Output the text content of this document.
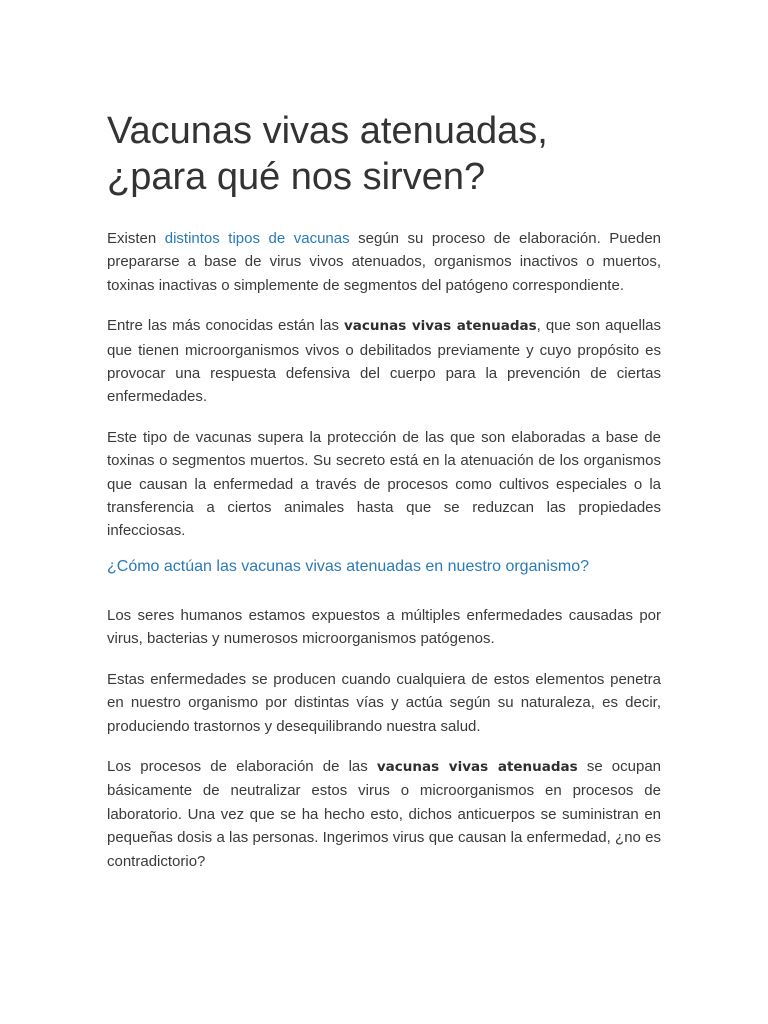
Vacunas vivas atenuadas,
¿para qué nos sirven?

Existen distintos tipos de vacunas según su proceso de elaboración. Pueden prepararse a base de virus vivos atenuados, organismos inactivos o muertos, toxinas inactivas o simplemente de segmentos del patógeno correspondiente.

Entre las más conocidas están las vacunas vivas atenuadas, que son aquellas que tienen microorganismos vivos o debilitados previamente y cuyo propósito es provocar una respuesta defensiva del cuerpo para la prevención de ciertas enfermedades.

Este tipo de vacunas supera la protección de las que son elaboradas a base de toxinas o segmentos muertos. Su secreto está en la atenuación de los organismos que causan la enfermedad a través de procesos como cultivos especiales o la transferencia a ciertos animales hasta que se reduzcan las propiedades infecciosas.

¿Cómo actúan las vacunas vivas atenuadas en nuestro organismo?

Los seres humanos estamos expuestos a múltiples enfermedades causadas por virus, bacterias y numerosos microorganismos patógenos.

Estas enfermedades se producen cuando cualquiera de estos elementos penetra en nuestro organismo por distintas vías y actúa según su naturaleza, es decir, produciendo trastornos y desequilibrando nuestra salud.

Los procesos de elaboración de las vacunas vivas atenuadas se ocupan básicamente de neutralizar estos virus o microorganismos en procesos de laboratorio. Una vez que se ha hecho esto, dichos anticuerpos se suministran en pequeñas dosis a las personas. Ingerimos virus que causan la enfermedad, ¿no es contradictorio?
